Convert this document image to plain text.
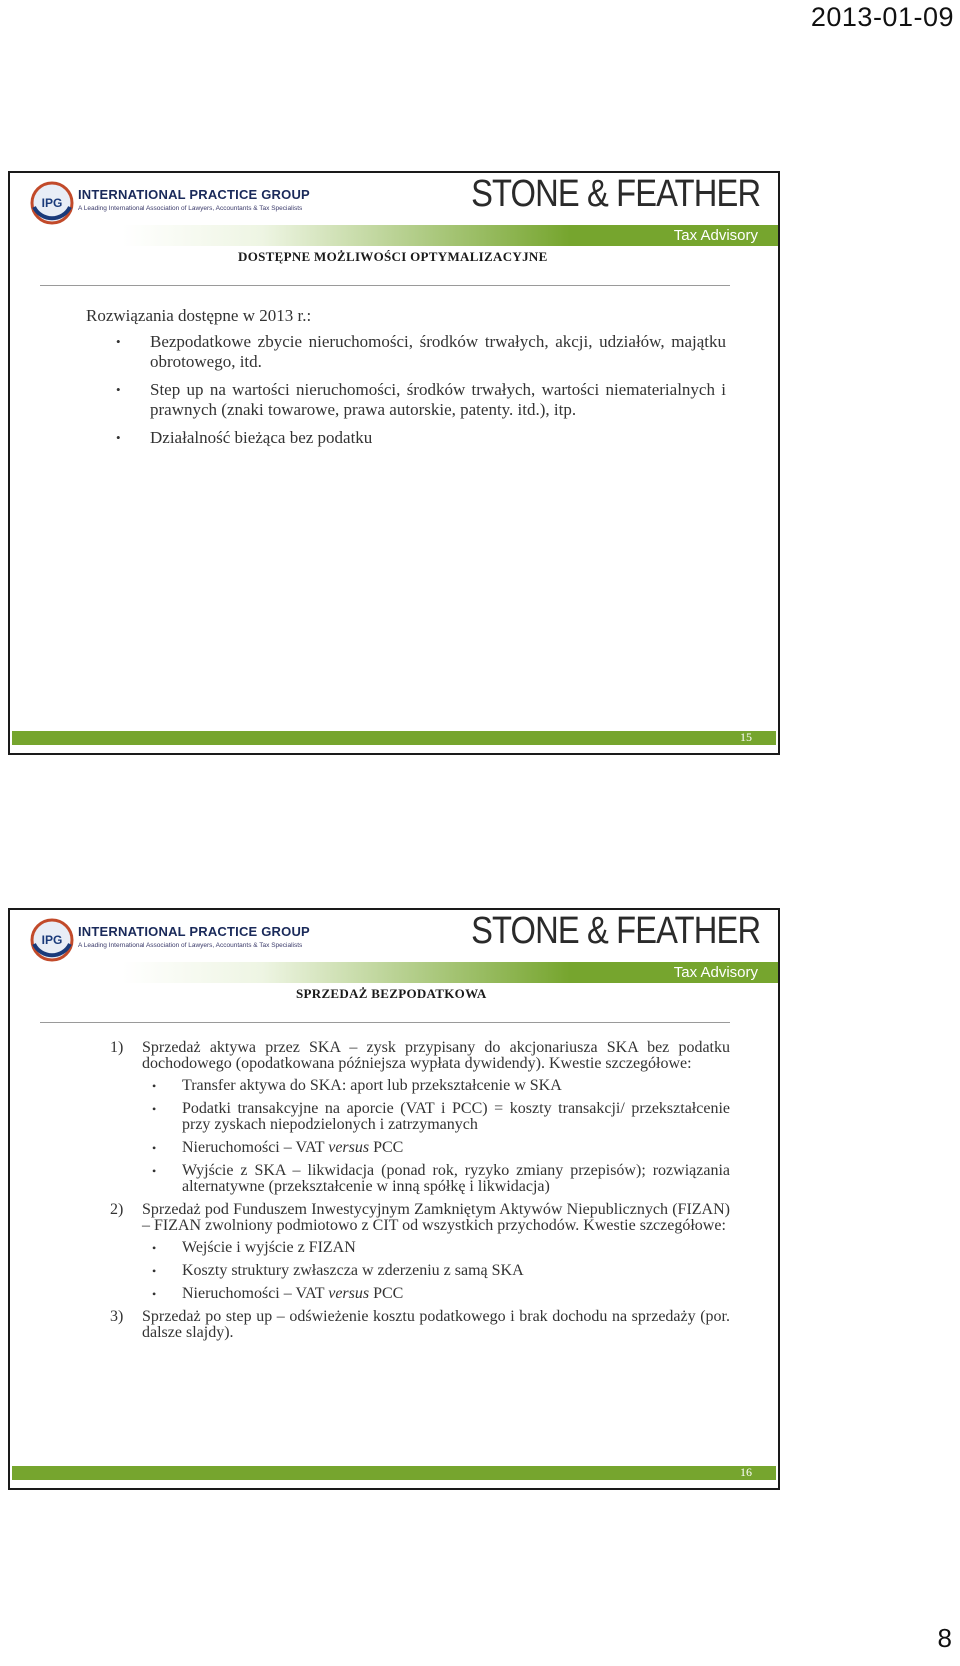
2013-01-09
IPG
INTERNATIONAL PRACTICE GROUP
A Leading International Association of Lawyers, Accountants & Tax Specialists	STONE & FEATHER
Tax Advisory
DOSTĘPNE MOŻLIWOŚCI OPTYMALIZACYJNE
Rozwiązania dostępne w 2013 r.:
• Bezpodatkowe zbycie nieruchomości, środków trwałych, akcji, udziałów, majątku obrotowego, itd.
• Step up na wartości nieruchomości, środków trwałych, wartości niematerialnych i prawnych (znaki towarowe, prawa autorskie, patenty. itd.), itp.
• Działalność bieżąca bez podatku
15
IPG
INTERNATIONAL PRACTICE GROUP
A Leading International Association of Lawyers, Accountants & Tax Specialists	STONE & FEATHER
Tax Advisory
SPRZEDAŻ BEZPODATKOWA
1) Sprzedaż aktywa przez SKA – zysk przypisany do akcjonariusza SKA bez podatku dochodowego (opodatkowana późniejsza wypłata dywidendy). Kwestie szczegółowe:
• Transfer aktywa do SKA: aport lub przekształcenie w SKA
• Podatki transakcyjne na aporcie (VAT i PCC) = koszty transakcji/ przekształcenie przy zyskach niepodzielonych i zatrzymanych
• Nieruchomości – VAT versus PCC
• Wyjście z SKA – likwidacja (ponad rok, ryzyko zmiany przepisów); rozwiązania alternatywne (przekształcenie w inną spółkę i likwidacja)
2) Sprzedaż pod Funduszem Inwestycyjnym Zamkniętym Aktywów Niepublicznych (FIZAN) – FIZAN zwolniony podmiotowo z CIT od wszystkich przychodów. Kwestie szczegółowe:
• Wejście i wyjście z FIZAN
• Koszty struktury zwłaszcza w zderzeniu z samą SKA
• Nieruchomości – VAT versus PCC
3) Sprzedaż po step up – odświeżenie kosztu podatkowego i brak dochodu na sprzedaży (por. dalsze slajdy).
16
8
